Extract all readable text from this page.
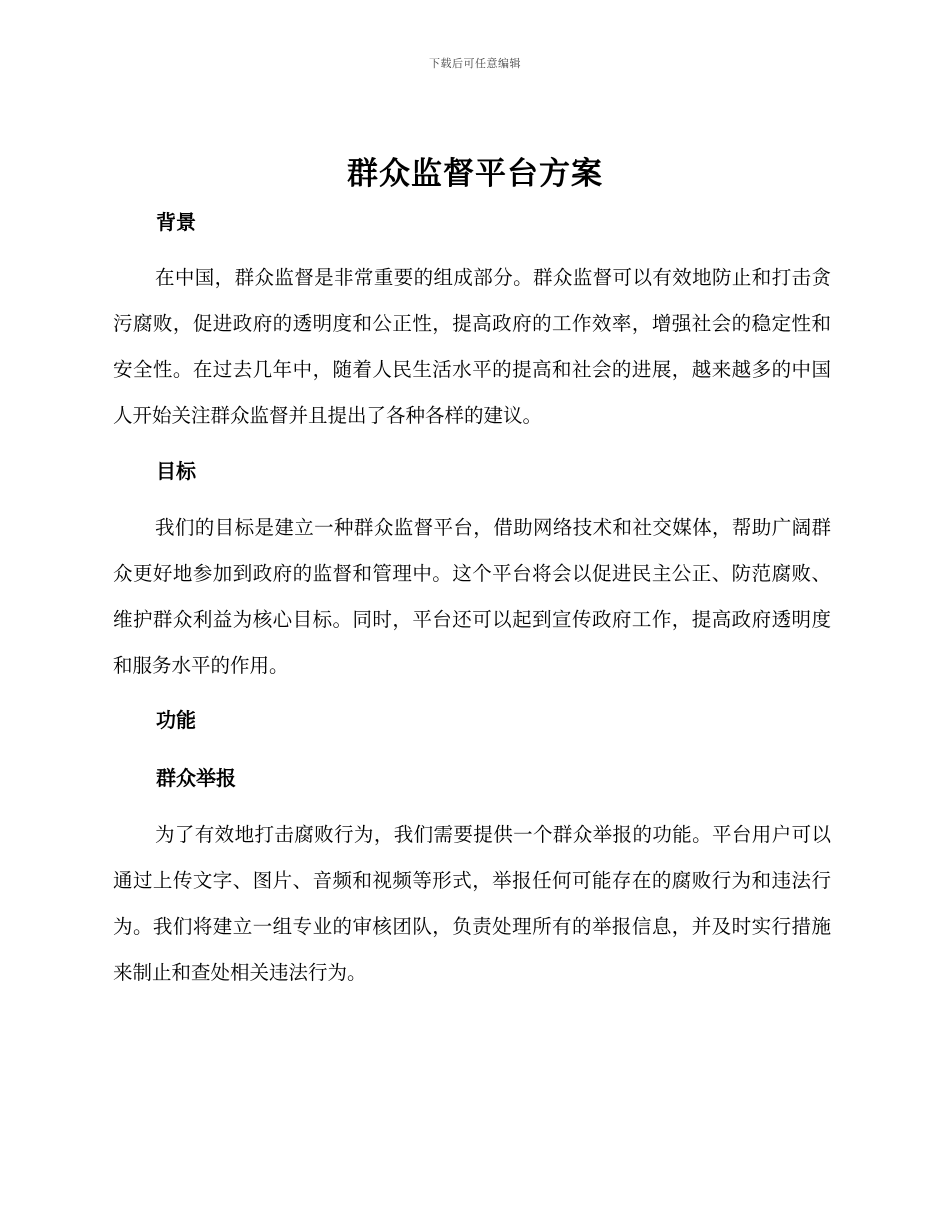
下载后可任意编辑
群众监督平台方案
背景

在中国，群众监督是非常重要的组成部分。群众监督可以有效地防止和打击贪污腐败，促进政府的透明度和公正性，提高政府的工作效率，增强社会的稳定性和安全性。在过去几年中，随着人民生活水平的提高和社会的进展，越来越多的中国人开始关注群众监督并且提出了各种各样的建议。

目标

我们的目标是建立一种群众监督平台，借助网络技术和社交媒体，帮助广阔群众更好地参加到政府的监督和管理中。这个平台将会以促进民主公正、防范腐败、维护群众利益为核心目标。同时，平台还可以起到宣传政府工作，提高政府透明度和服务水平的作用。

功能
群众举报

为了有效地打击腐败行为，我们需要提供一个群众举报的功能。平台用户可以通过上传文字、图片、音频和视频等形式，举报任何可能存在的腐败行为和违法行为。我们将建立一组专业的审核团队，负责处理所有的举报信息，并及时实行措施来制止和查处相关违法行为。
